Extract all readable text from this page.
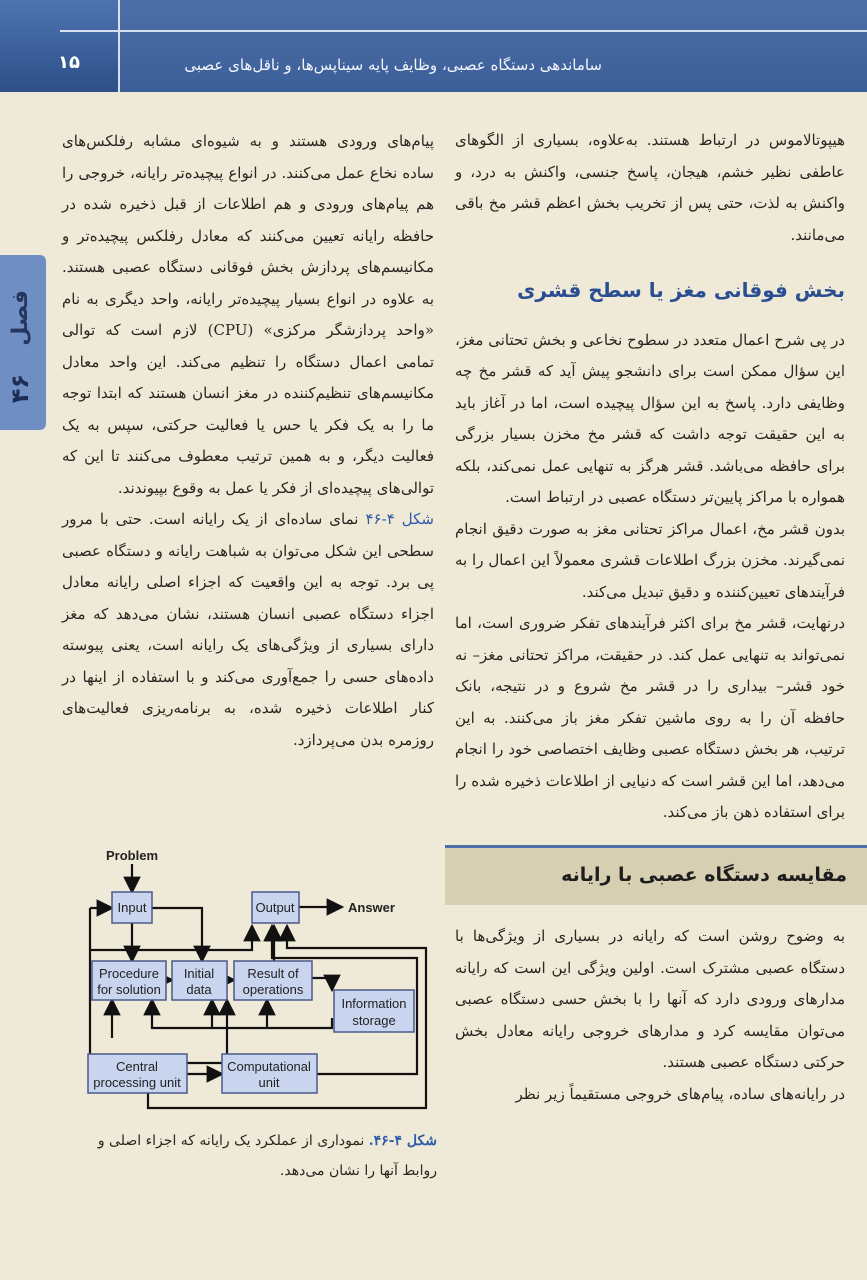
۱۵	ساماندهی دستگاه عصبی، وظایف پایه سیناپس‌ها، و ناقل‌های عصبی
فصل
۴۶

هیپوتالاموس در ارتباط هستند. به‌علاوه، بسیاری از الگوهای عاطفی نظیر خشم، هیجان، پاسخ جنسی، واکنش به درد، و واکنش به لذت، حتی پس از تخریب بخش اعظم قشر مخ باقی می‌مانند.

بخش فوقانی مغز یا سطح قشری

در پی شرح اعمال متعدد در سطوح نخاعی و بخش تحتانی مغز، این سؤال ممکن است برای دانشجو پیش آید که قشر مخ چه وظایفی دارد. پاسخ به این سؤال پیچیده است، اما در آغاز باید به این حقیقت توجه داشت که قشر مخ مخزن بسیار بزرگی برای حافظه می‌باشد. قشر هرگز به تنهایی عمل نمی‌کند، بلکه همواره با مراکز پایین‌تر دستگاه عصبی در ارتباط است.

بدون قشر مخ، اعمال مراکز تحتانی مغز به صورت دقیق انجام نمی‌گیرند. مخزن بزرگ اطلاعات قشری معمولاً این اعمال را به فرآیندهای تعیین‌کننده و دقیق تبدیل می‌کند.

درنهایت، قشر مخ برای اکثر فرآیندهای تفکر ضروری است، اما نمی‌تواند به تنهایی عمل کند. در حقیقت، مراکز تحتانی مغز– نه خود قشر– بیداری را در قشر مخ شروع و در نتیجه، بانک حافظه آن را به روی ماشین تفکر مغز باز می‌کنند. به این ترتیب، هر بخش دستگاه عصبی وظایف اختصاصی خود را انجام می‌دهد، اما این قشر است که دنیایی از اطلاعات ذخیره شده را برای استفاده ذهن باز می‌کند.

مقایسه دستگاه عصبی با رایانه

به وضوح روشن است که رایانه در بسیاری از ویژگی‌ها با دستگاه عصبی مشترک است. اولین ویژگی این است که رایانه مدارهای ورودی دارد که آنها را با بخش حسی دستگاه عصبی می‌توان مقایسه کرد و مدارهای خروجی رایانه معادل بخش حرکتی دستگاه عصبی هستند.

در رایانه‌های ساده، پیام‌های خروجی مستقیماً زیر نظر

پیام‌های ورودی هستند و به شیوه‌ای مشابه رفلکس‌های ساده نخاع عمل می‌کنند. در انواع پیچیده‌تر رایانه، خروجی را هم پیام‌های ورودی و هم اطلاعات از قبل ذخیره شده در حافظه رایانه تعیین می‌کنند که معادل رفلکس پیچیده‌تر و مکانیسم‌های پردازش بخش فوقانی دستگاه عصبی هستند. به علاوه در انواع بسیار پیچیده‌تر رایانه، واحد دیگری به نام «واحد پردازشگر مرکزی» (CPU) لازم است که توالی تمامی اعمال دستگاه را تنظیم می‌کند. این واحد معادل مکانیسم‌های تنظیم‌کننده در مغز انسان هستند که ابتدا توجه ما را به یک فکر یا حس یا فعالیت حرکتی، سپس به یک فعالیت دیگر، و به همین ترتیب معطوف می‌کنند تا این که توالی‌های پیچیده‌ای از فکر یا عمل به وقوع بپیوندند.

شکل ۴-۴۶ نمای ساده‌ای از یک رایانه است. حتی با مرور سطحی این شکل می‌توان به شباهت رایانه و دستگاه عصبی پی برد. توجه به این واقعیت که اجزاء اصلی رایانه معادل اجزاء دستگاه عصبی انسان هستند، نشان می‌دهد که مغز دارای بسیاری از ویژگی‌های یک رایانه است، یعنی پیوسته داده‌های حسی را جمع‌آوری می‌کند و با استفاده از اینها در کنار اطلاعات ذخیره شده، به برنامه‌ریزی فعالیت‌های روزمره بدن می‌پردازد.

Input	Output
Procedure
for solution
Initial
data
Result of
operations
Information
storage
Central
processing unit
Computational
unit
Problem
Answer
شکل ۴-۴۶. نموداری از عملکرد یک رایانه که اجزاء اصلی و روابط آنها را نشان می‌دهد.
